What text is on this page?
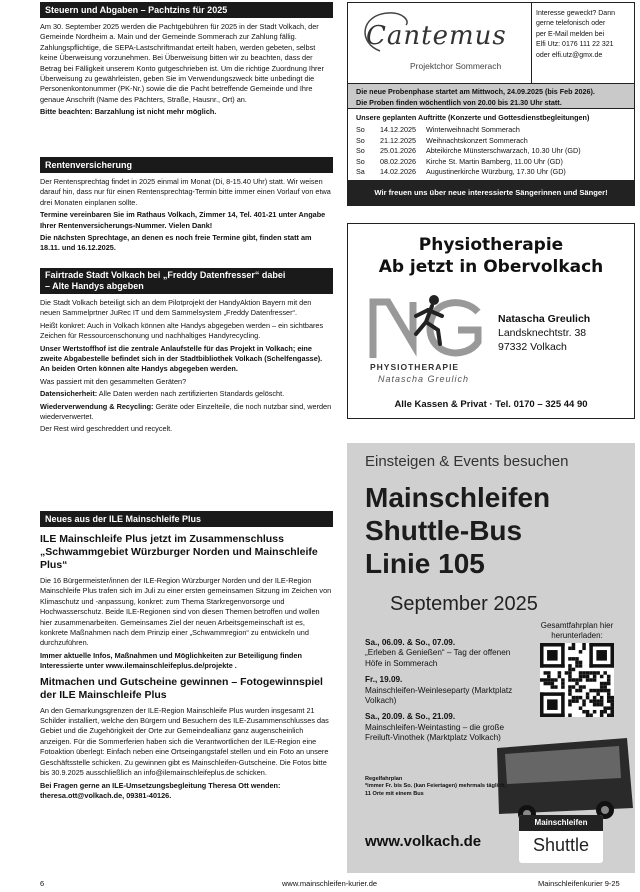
Steuern und Abgaben – Pachtzins für 2025

Am 30. September 2025 werden die Pachtgebühren für 2025 in der Stadt Volkach, der Gemeinde Nordheim a. Main und der Gemeinde Sommerach zur Zahlung fällig. Zahlungspflichtige, die SEPA-Lastschriftmandat erteilt haben, werden gebeten, selbst keine Überweisung vorzunehmen. Bei Überweisung bitten wir zu beachten, dass der Betrag bei Fälligkeit unserem Konto gutgeschrieben ist. Um die richtige Zuordnung Ihrer Überweisung zu gewährleisten, geben Sie im Verwendungszweck bitte unbedingt die Personenkontonummer (PK-Nr.) sowie die die Pacht betreffende Gemeinde und Ihre genaue Anschrift (Name des Pächters, Straße, Hausnr., Ort) an.

Bitte beachten: Barzahlung ist nicht mehr möglich.

Rentenversicherung

Der Rentensprechtag findet in 2025 einmal im Monat (Di, 8-15.40 Uhr) statt. Wir weisen darauf hin, dass nur für einen Rentensprechtag-Termin bitte immer einen Vorlauf von etwa drei Monaten einplanen sollte.

Termine vereinbaren Sie im Rathaus Volkach, Zimmer 14, Tel. 401-21 unter Angabe Ihrer Rentenversicherungs-Nummer. Vielen Dank!

Die nächsten Sprechtage, an denen es noch freie Termine gibt, finden statt am 18.11. und 16.12.2025.

Fairtrade Stadt Volkach bei „Freddy Datenfresser“ dabei
– Alte Handys abgeben

Die Stadt Volkach beteiligt sich an dem Pilotprojekt der HandyAktion Bayern mit den neuen Sammelprtner JuRec IT und dem Sammelsystem „Freddy Datenfresser“.

Heißt konkret: Auch in Volkach können alte Handys abgegeben werden – ein sichtbares Zeichen für Ressourcenschonung und nachhaltiges Handyrecycling.

Unser Wertstoffhof ist die zentrale Anlaufstelle für das Projekt in Volkach; eine zweite Abgabestelle befindet sich in der Stadtbibliothek Volkach (Schelfengasse). An beiden Orten können alte Handys abgegeben werden.

Was passiert mit den gesammelten Geräten?

Datensicherheit: Alle Daten werden nach zertifizierten Standards gelöscht.

Wiederverwendung & Recycling: Geräte oder Einzelteile, die noch nutzbar sind, werden wiederverwertet.

Der Rest wird geschreddert und recycelt.

Neues aus der ILE Mainschleife Plus
ILE Mainschleife Plus jetzt im Zusammenschluss „Schwammgebiet Würzburger Norden und Mainschleife Plus“

Die 16 Bürgermeister/innen der ILE-Region Würzburger Norden und der ILE-Region Mainschleife Plus trafen sich im Juli zu einer ersten gemeinsamen Sitzung im Zeichen von Klimaschutz und -anpassung, konkret: zum Thema Starkregenvorsorge und Hochwasserschutz. Beide ILE-Regionen sind von diesen Themen betroffen und wollen hier zusammenarbeiten. Gemeinsames Ziel der neuen Arbeitsgemeinschaft ist es, konkrete Maßnahmen nach dem Prinzip einer „Schwammregion“ zu entwickeln und durchzuführen.

Immer aktuelle Infos, Maßnahmen und Möglichkeiten zur Beteiligung finden Interessierte unter www.ilemainschleifeplus.de/projekte .

Mitmachen und Gutscheine gewinnen – Fotogewinnspiel der ILE Mainschleife Plus

An den Gemarkungsgrenzen der ILE-Region Mainschleife Plus wurden insgesamt 21 Schilder installiert, welche den Bürgern und Besuchern des ILE-Zusammenschlusses das Gebiet und die Zugehörigkeit der Orte zur Gemeindeallianz ganz augenscheinlich anzeigen. Für die Sommerferien haben sich die Verantwortlichen der ILE-Region eine Fotoaktion überlegt: Einfach neben eine Ortseingangstafel stellen und ein Foto an unsere Geschäftsstelle schicken. Zu gewinnen gibt es Mainschleifen-Gutscheine. Die Fotos bitte bis 30.9.2025 ausschließlich an info@ilemainschleifeplus.de schicken.

Bei Fragen gerne an ILE-Umsetzungsbegleitung Theresa Ott wenden: theresa.ott@volkach.de, 09381-40126.

Cantemus
Projektchor Sommerach
Interesse geweckt? Dann
gerne telefonisch oder
per E-Mail melden bei
Elfi Utz: 0176 111 22 321
oder elfi.utz@gmx.de
Die neue Probenphase startet am Mittwoch, 24.09.2025 (bis Feb 2026).
Die Proben finden wöchentlich von 20.00 bis 21.30 Uhr statt.
Unsere geplanten Auftritte (Konzerte und Gottesdienstbegleitungen)
So	14.12.2025	Winterweihnacht Sommerach
So	21.12.2025	Weihnachtskonzert Sommerach
So	25.01.2026	Abteikirche Münsterschwarzach, 10.30 Uhr (GD)
So	08.02.2026	Kirche St. Martin Bamberg, 11.00 Uhr (GD)
Sa	14.02.2026	Augustinerkirche Würzburg, 17.30 Uhr (GD)
Wir freuen uns über neue interessierte Sängerinnen und Sänger!
Physiotherapie
Ab jetzt in Obervolkach
PHYSIOTHERAPIE
Natascha Greulich
Natascha Greulich
Landsknechtstr. 38
97332 Volkach
Alle Kassen & Privat · Tel. 0170 – 325 44 90
Einsteigen & Events besuchen
Mainschleifen
Shuttle-Bus
Linie 105
September 2025
Gesamtfahrplan hier herunterladen:
Sa., 06.09. & So., 07.09.
„Erleben & Genießen“ – Tag der offenen Höfe in Sommerach
Fr., 19.09.
Mainschleifen-Weinleseparty (Marktplatz Volkach)
Sa., 20.09. & So., 21.09.
Mainschleifen-Weintasting – die große Freiluft-Vinothek (Marktplatz Volkach)
Regelfahrplan
*immer Fr. bis So. (kan Feiertagen) mehrmals täglich,
11 Orte mit einem Bus
www.volkach.de
Mainschleifen
Shuttle
6	www.mainschleifen-kurier.de	Mainschleifenkurier 9-25
